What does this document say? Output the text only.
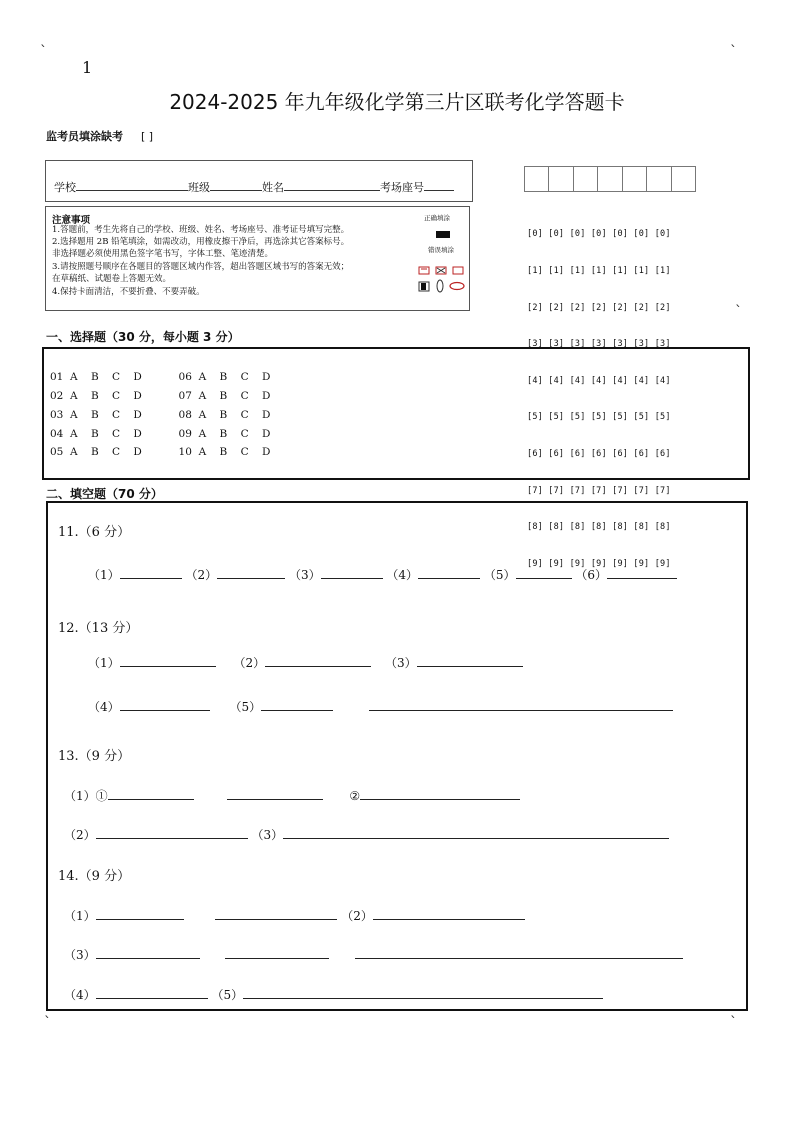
ˋ	ˋ
ˋ
ˋ	ˋ
1
2024-2025 年九年级化学第三片区联考化学答题卡
监考员填涂缺考 [ ]
学校	班级	姓名	考场座号
注意事项
1.答题前，考生先将自己的学校、班级、姓名、考场座号、准考证号填写完整。
2.选择题用 2B 铅笔填涂，如需改动，用橡皮擦干净后，再选涂其它答案标号。
非选择题必须使用黑色签字笔书写，字体工整、笔迹清楚。
3.请按照题号顺序在各题目的答题区域内作答，超出答题区域书写的答案无效；
在草稿纸、试题卷上答题无效。
4.保持卡面清洁，不要折叠、不要弄破。
正确填涂
错误填涂

[0] [0] [0] [0] [0] [0] [0]

[1] [1] [1] [1] [1] [1] [1]

[2] [2] [2] [2] [2] [2] [2]

[3] [3] [3] [3] [3] [3] [3]

[4] [4] [4] [4] [4] [4] [4]

[5] [5] [5] [5] [5] [5] [5]

[6] [6] [6] [6] [6] [6] [6]

[7] [7] [7] [7] [7] [7] [7]

[8] [8] [8] [8] [8] [8] [8]

[9] [9] [9] [9] [9] [9] [9]

一、选择题（30 分，每小题 3 分）
01  A    B    C    D           06  A    B    C    D
02  A    B    C    D           07  A    B    C    D
03  A    B    C    D           08  A    B    C    D
04  A    B    C    D           09  A    B    C    D
05  A    B    C    D           10  A    B    C    D
二、填空题（70 分）
11.（6 分）
（1）	（2）	（3）	（4）	（5）	（6）
12.（13 分）
（1）	（2）	（3）
（4）	（5）
13.（9 分）
（1）①	②
（2）	（3）
14.（9 分）
（1）	（2）
（3）
（4）	（5）
